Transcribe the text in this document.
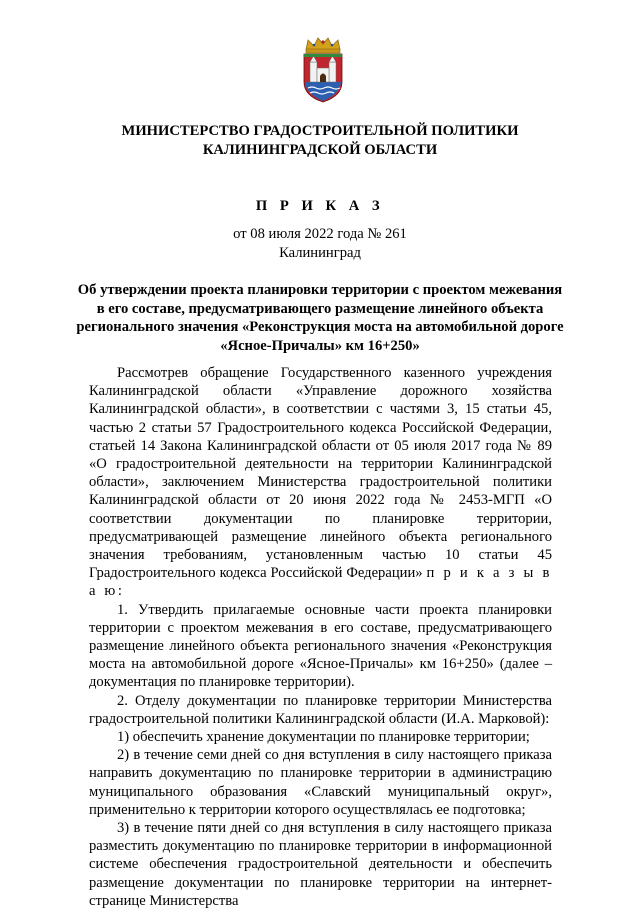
МИНИСТЕРСТВО ГРАДОСТРОИТЕЛЬНОЙ ПОЛИТИКИ
КАЛИНИНГРАДСКОЙ ОБЛАСТИ
П Р И К А З
от 08 июля 2022 года № 261
Калининград
Об утверждении проекта планировки территории с проектом межевания
в его составе, предусматривающего размещение линейного объекта
регионального значения «Реконструкция моста на автомобильной дороге
«Ясное-Причалы» км 16+250»

Рассмотрев обращение Государственного казенного учреждения Калининградской области «Управление дорожного хозяйства Калининградской области», в соответствии с частями 3, 15 статьи 45, частью 2 статьи 57 Градостроительного кодекса Российской Федерации, статьей 14 Закона Калининградской области от 05 июля 2017 года № 89 «О градостроительной деятельности на территории Калининградской области», заключением Министерства градостроительной политики Калининградской области от 20 июня 2022 года № 2453-МГП «О соответствии документации по планировке территории, предусматривающей размещение линейного объекта регионального значения требованиям, установленным частью 10 статьи 45 Градостроительного кодекса Российской Федерации» п р и к а з ы в а ю:

1. Утвердить прилагаемые основные части проекта планировки территории с проектом межевания в его составе, предусматривающего размещение линейного объекта регионального значения «Реконструкция моста на автомобильной дороге «Ясное-Причалы» км 16+250» (далее – документация по планировке территории).

2. Отделу документации по планировке территории Министерства градостроительной политики Калининградской области (И.А. Марковой):

1) обеспечить хранение документации по планировке территории;

2) в течение семи дней со дня вступления в силу настоящего приказа направить документацию по планировке территории в администрацию муниципального образования «Славский муниципальный округ», применительно к территории которого осуществлялась ее подготовка;

3) в течение пяти дней со дня вступления в силу настоящего приказа разместить документацию по планировке территории в информационной системе обеспечения градостроительной деятельности и обеспечить размещение документации по планировке территории на интернет-странице Министерства
